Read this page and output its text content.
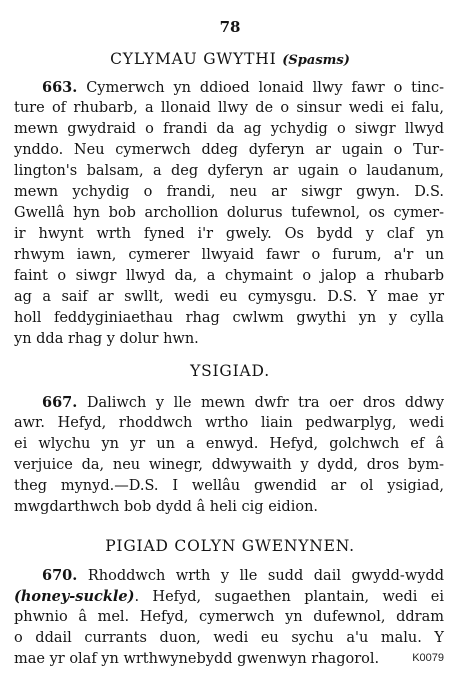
78
CYLYMAU GWYTHI (Spasms)
663. Cymerwch yn ddioed lonaid llwy fawr o tinc-
ture of rhubarb, a llonaid llwy de o sinsur wedi ei falu,
mewn gwydraid o frandi da ag ychydig o siwgr llwyd
ynddo. Neu cymerwch ddeg dyferyn ar ugain o Tur-
lington's balsam, a deg dyferyn ar ugain o laudanum,
mewn ychydig o frandi, neu ar siwgr gwyn. D.S.
Gwellâ hyn bob archollion dolurus tufewnol, os cymer-
ir hwynt wrth fyned i'r gwely. Os bydd y claf yn
rhwym iawn, cymerer llwyaid fawr o furum, a'r un
faint o siwgr llwyd da, a chymaint o jalop a rhubarb
ag a saif ar swllt, wedi eu cymysgu. D.S. Y mae yr
holl feddyginiaethau rhag cwlwm gwythi yn y cylla
yn dda rhag y dolur hwn.
YSIGIAD.
667. Daliwch y lle mewn dwfr tra oer dros ddwy
awr. Hefyd, rhoddwch wrtho liain pedwarplyg, wedi
ei wlychu yn yr un a enwyd. Hefyd, golchwch ef â
verjuice da, neu winegr, ddwywaith y dydd, dros bym-
theg mynyd.—D.S. I wellâu gwendid ar ol ysigiad,
mwgdarthwch bob dydd â heli cig eidion.
PIGIAD COLYN GWENYNEN.
670. Rhoddwch wrth y lle sudd dail gwydd-wydd
(honey-suckle). Hefyd, sugaethen plantain, wedi ei
phwnio â mel. Hefyd, cymerwch yn dufewnol, ddram
o ddail currants duon, wedi eu sychu a'u malu. Y
mae yr olaf yn wrthwynebydd gwenwyn rhagorol.	K0079
